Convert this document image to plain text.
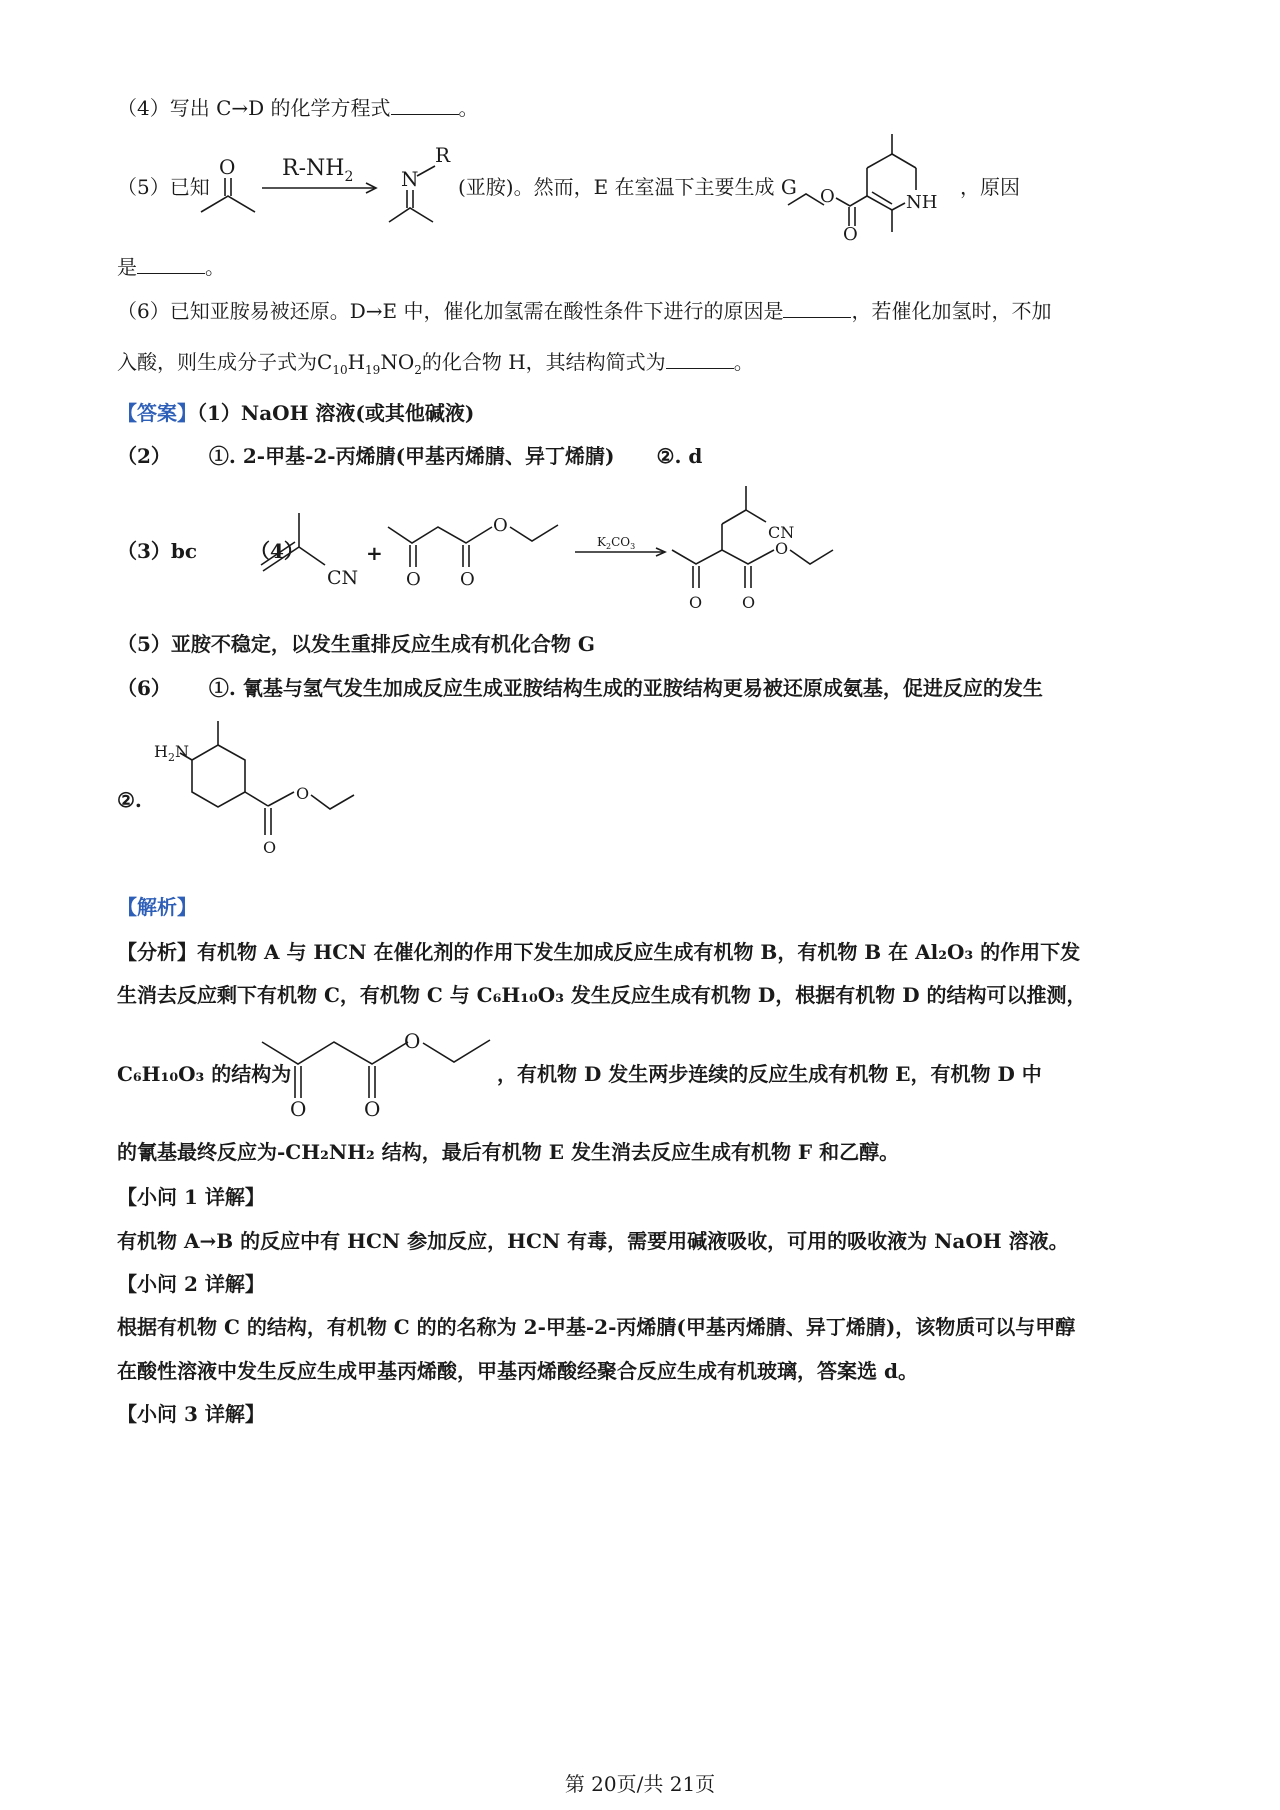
（4）写出 C→D 的化学方程式	。
（5）已知
O $R-NH_2$
R
N (亚胺)。然而，E 在室温下主要生成 G O
O
NH
，原因
是	。
（6）已知亚胺易被还原。D→E 中，催化加氢需在酸性条件下进行的原因是	，若催化加氢时，不加
入酸，则生成分子式为$C_{10}H_{19}NO_2$的化合物 H，其结构简式为	。
【答案】（1）NaOH 溶液(或其他碱液)
（2） ①. 2-甲基-2-丙烯腈(甲基丙烯腈、异丁烯腈) ②. d
（3）bc	（4）
CN
+
O O
O
$K_2CO_3$
CN
O O
O
（5）亚胺不稳定，以发生重排反应生成有机化合物 G
（6） ①. 氰基与氢气发生加成反应生成亚胺结构生成的亚胺结构更易被还原成氨基，促进反应的发生
②.
$H_2N$
O
O
【解析】
【分析】有机物 A 与 HCN 在催化剂的作用下发生加成反应生成有机物 B，有机物 B 在 Al₂O₃ 的作用下发
生消去反应剩下有机物 C，有机物 C 与 C₆H₁₀O₃ 发生反应生成有机物 D，根据有机物 D 的结构可以推测，
C₆H₁₀O₃ 的结构为
O	O
O
，有机物 D 发生两步连续的反应生成有机物 E，有机物 D 中
的氰基最终反应为-CH₂NH₂ 结构，最后有机物 E 发生消去反应生成有机物 F 和乙醇。
【小问 1 详解】
有机物 A→B 的反应中有 HCN 参加反应，HCN 有毒，需要用碱液吸收，可用的吸收液为 NaOH 溶液。
【小问 2 详解】
根据有机物 C 的结构，有机物 C 的的名称为 2-甲基-2-丙烯腈(甲基丙烯腈、异丁烯腈)，该物质可以与甲醇
在酸性溶液中发生反应生成甲基丙烯酸，甲基丙烯酸经聚合反应生成有机玻璃，答案选 d。
【小问 3 详解】
第 20页/共 21页
